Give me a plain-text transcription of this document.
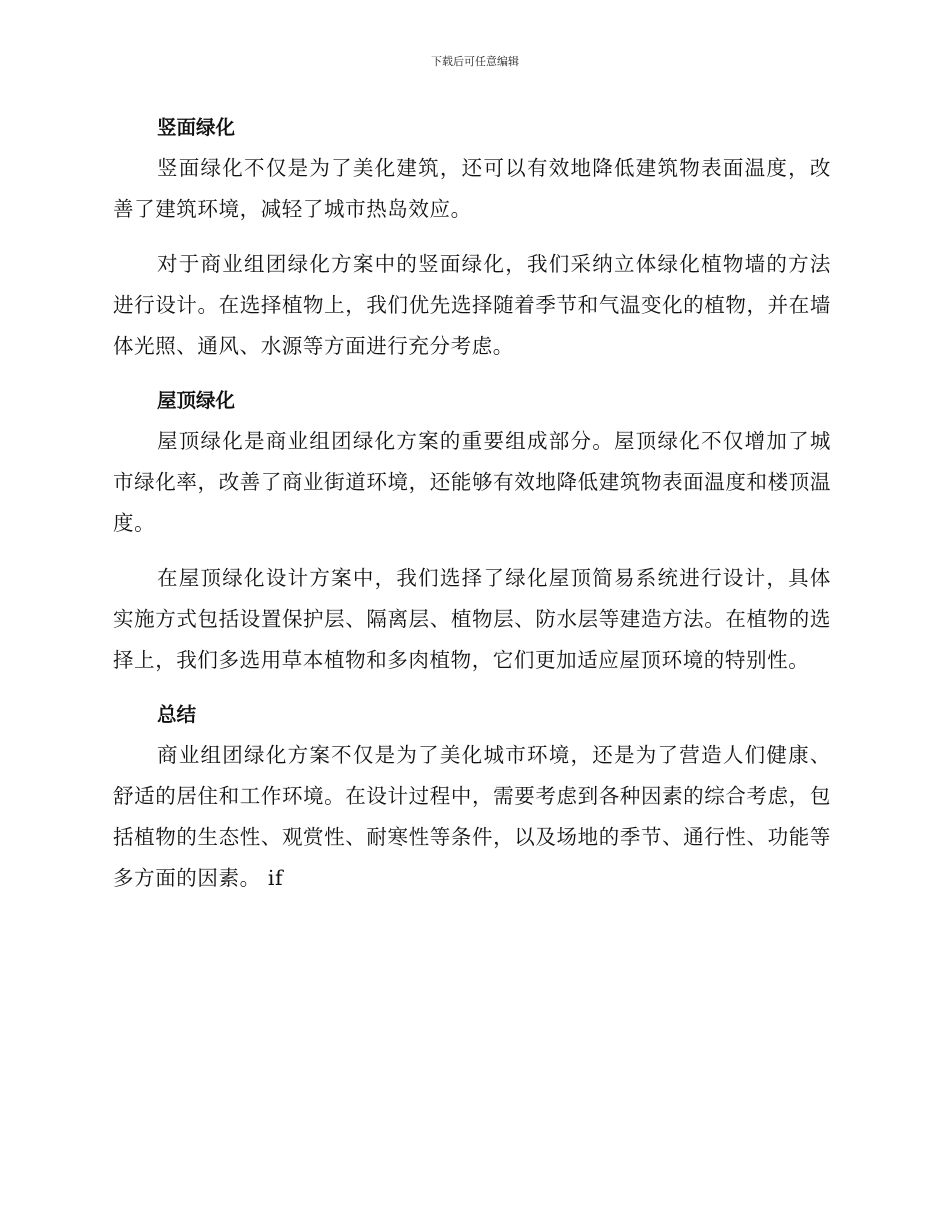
下载后可任意编辑
竖面绿化

竖面绿化不仅是为了美化建筑，还可以有效地降低建筑物表面温度，改善了建筑环境，减轻了城市热岛效应。

对于商业组团绿化方案中的竖面绿化，我们采纳立体绿化植物墙的方法进行设计。在选择植物上，我们优先选择随着季节和气温变化的植物，并在墙体光照、通风、水源等方面进行充分考虑。

屋顶绿化

屋顶绿化是商业组团绿化方案的重要组成部分。屋顶绿化不仅增加了城市绿化率，改善了商业街道环境，还能够有效地降低建筑物表面温度和楼顶温度。

在屋顶绿化设计方案中，我们选择了绿化屋顶简易系统进行设计，具体实施方式包括设置保护层、隔离层、植物层、防水层等建造方法。在植物的选择上，我们多选用草本植物和多肉植物，它们更加适应屋顶环境的特别性。

总结

商业组团绿化方案不仅是为了美化城市环境，还是为了营造人们健康、舒适的居住和工作环境。在设计过程中，需要考虑到各种因素的综合考虑，包括植物的生态性、观赏性、耐寒性等条件，以及场地的季节、通行性、功能等多方面的因素。 if
